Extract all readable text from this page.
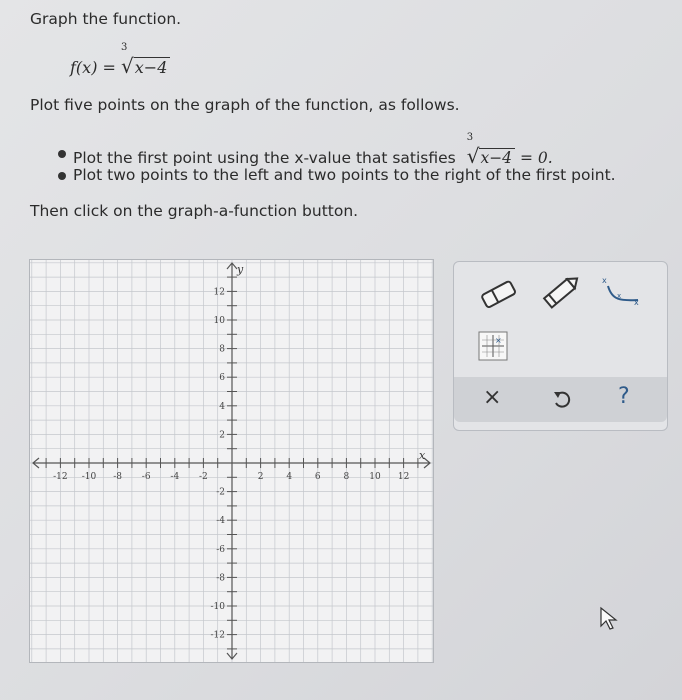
Graph the function.
f(x) =
3
√x−4
Plot five points on the graph of the function, as follows.
Plot the first point using the x-value that satisfies
3
√x−4 = 0.
Plot two points to the left and two points to the right of the first point.
Then click on the graph-a-function button.
-12 -10 -8 -6 -4 -2	2	4	6	8 10 12
12
10
8
6
4
2
-2
-4
-6
-8
-10
-12
x
y
x
x
x
×
×	?
